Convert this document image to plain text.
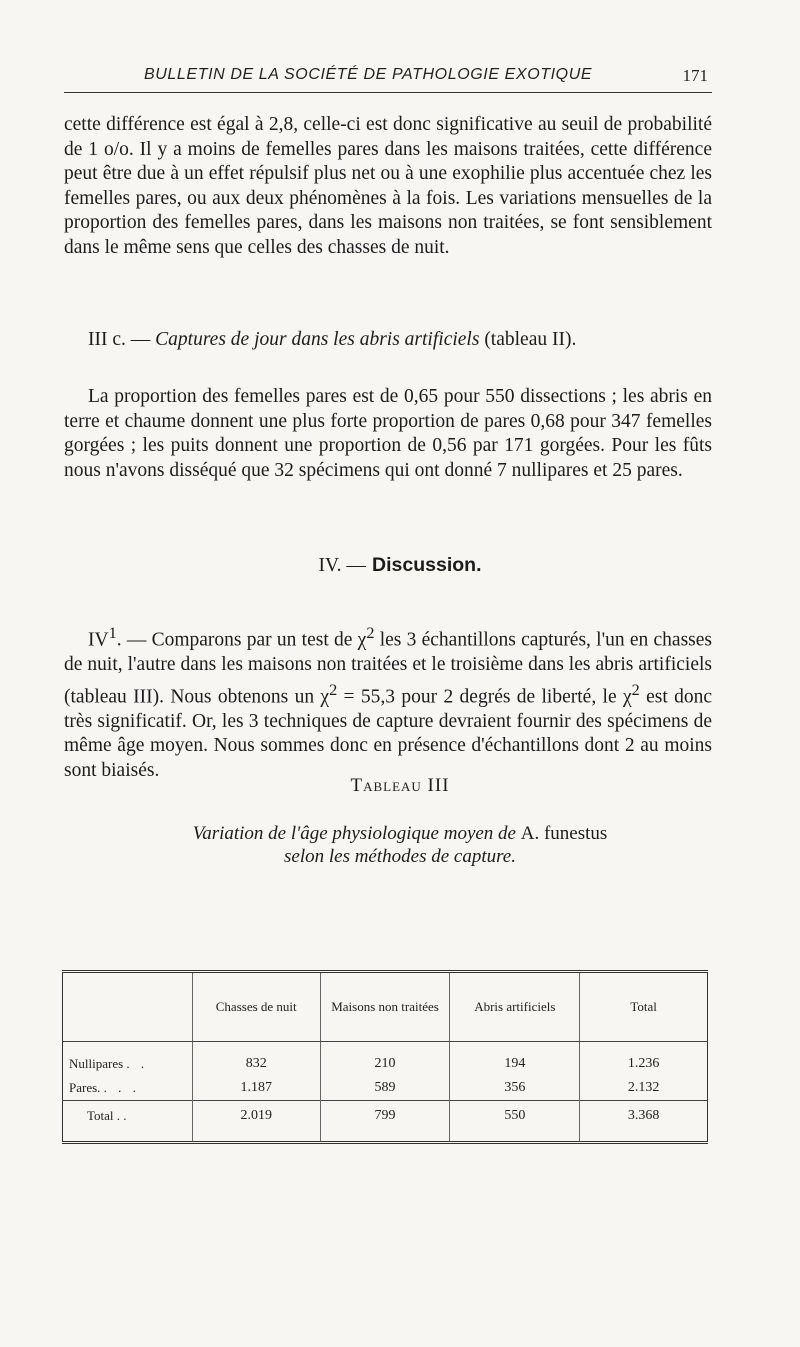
BULLETIN DE LA SOCIÉTÉ DE PATHOLOGIE EXOTIQUE	171
cette différence est égal à 2,8, celle-ci est donc significative au seuil de probabilité de 1 o/o. Il y a moins de femelles pares dans les maisons traitées, cette différence peut être due à un effet répulsif plus net ou à une exophilie plus accentuée chez les femelles pares, ou aux deux phénomènes à la fois. Les variations mensuelles de la proportion des femelles pares, dans les maisons non traitées, se font sensiblement dans le même sens que celles des chasses de nuit.
III c. — Captures de jour dans les abris artificiels (tableau II).
La proportion des femelles pares est de 0,65 pour 550 dissections ; les abris en terre et chaume donnent une plus forte proportion de pares 0,68 pour 347 femelles gorgées ; les puits donnent une proportion de 0,56 par 171 gorgées. Pour les fûts nous n'avons disséqué que 32 spécimens qui ont donné 7 nullipares et 25 pares.
IV. — Discussion.
$IV^1$. — Comparons par un test de $\chi^2$ les 3 échantillons capturés, l'un en chasses de nuit, l'autre dans les maisons non traitées et le troisième dans les abris artificiels (tableau III). Nous obtenons un $\chi^2 = 55,3$ pour 2 degrés de liberté, le $\chi^2$ est donc très significatif. Or, les 3 techniques de capture devraient fournir des spécimens de même âge moyen. Nous sommes donc en présence d'échantillons dont 2 au moins sont biaisés.
Tableau III
Variation de l'âge physiologique moyen de A. funestus
selon les méthodes de capture.
	Chasses de nuit	Maisons non traitées	Abris artificiels	Total

Nullipares . .	832	210	194	1.236
Pares. . . .	1.187	589	356	2.132
Total . .	2.019	799	550	3.368
